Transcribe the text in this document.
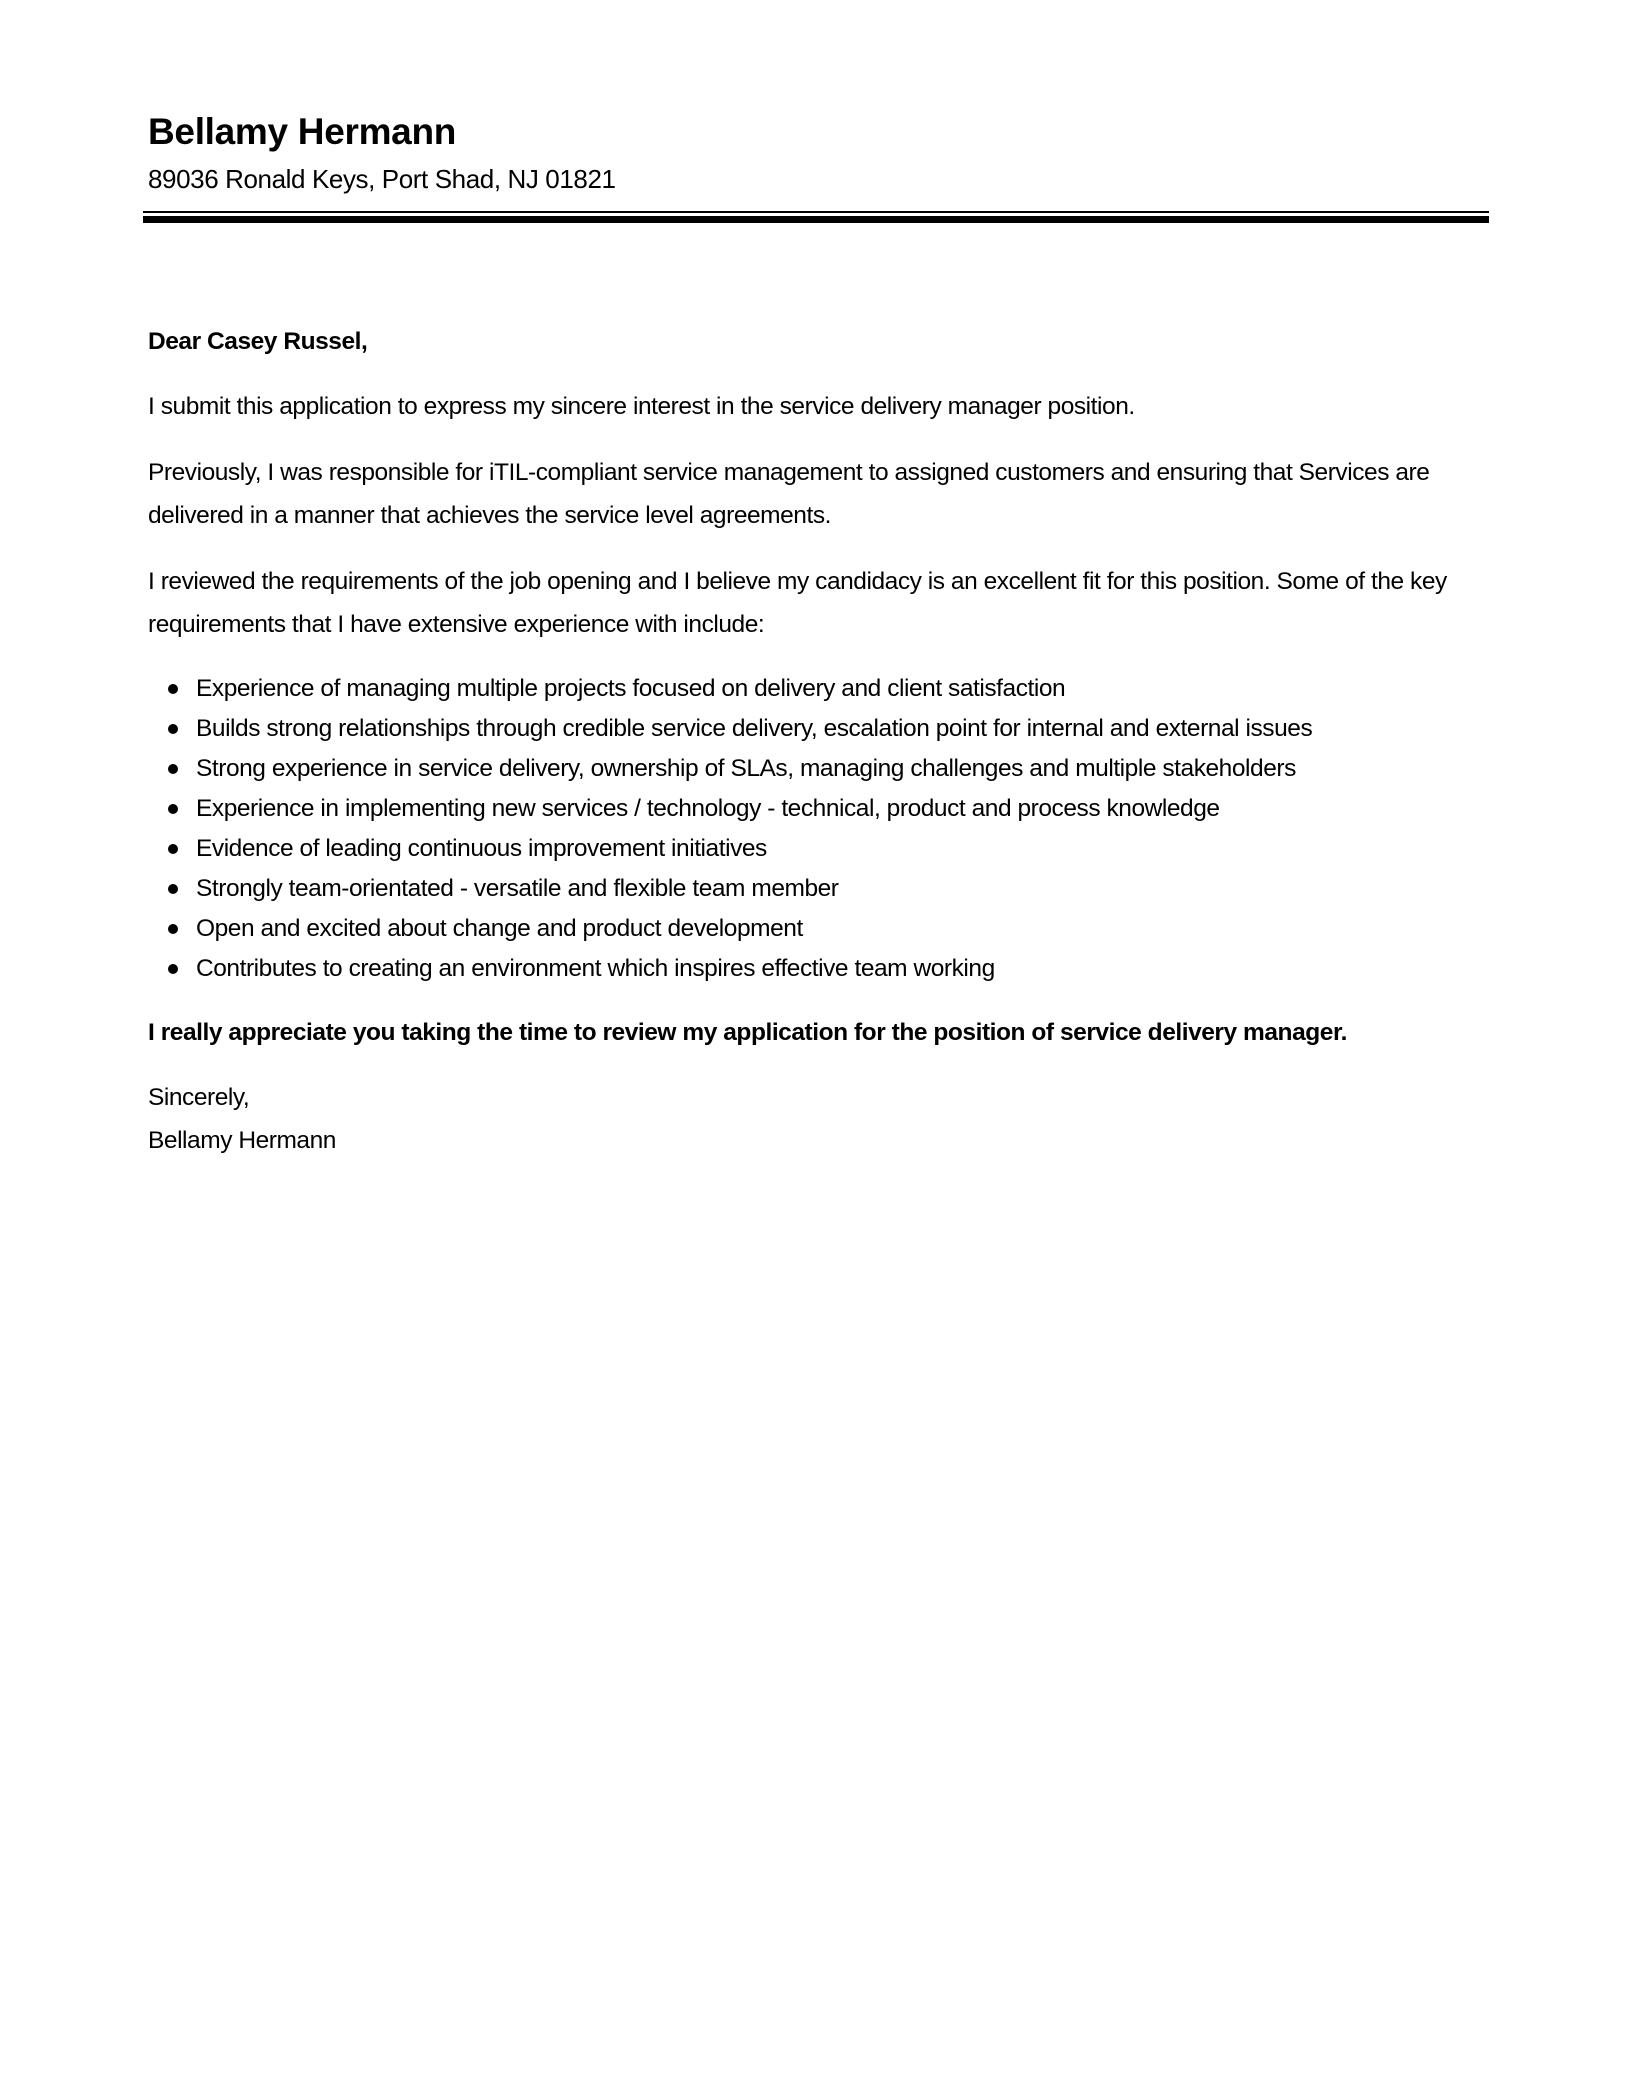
Bellamy Hermann
89036 Ronald Keys, Port Shad, NJ 01821

Dear Casey Russel,

I submit this application to express my sincere interest in the service delivery manager position.

Previously, I was responsible for iTIL-compliant service management to assigned customers and ensuring that Services are delivered in a manner that achieves the service level agreements.

I reviewed the requirements of the job opening and I believe my candidacy is an excellent fit for this position. Some of the key requirements that I have extensive experience with include:

Experience of managing multiple projects focused on delivery and client satisfaction
Builds strong relationships through credible service delivery, escalation point for internal and external issues
Strong experience in service delivery, ownership of SLAs, managing challenges and multiple stakeholders
Experience in implementing new services / technology - technical, product and process knowledge
Evidence of leading continuous improvement initiatives
Strongly team-orientated - versatile and flexible team member
Open and excited about change and product development
Contributes to creating an environment which inspires effective team working

I really appreciate you taking the time to review my application for the position of service delivery manager.

Sincerely,

Bellamy Hermann
